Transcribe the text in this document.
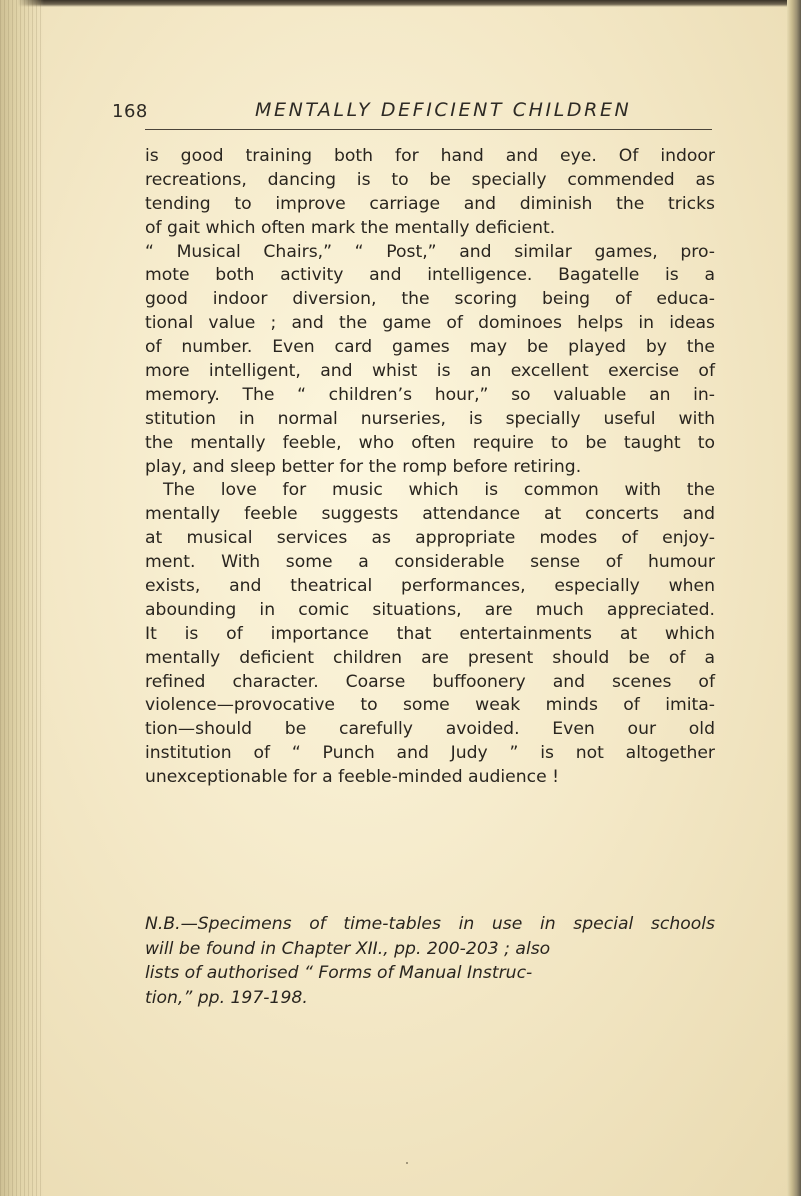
168	MENTALLY DEFICIENT CHILDREN
is good training both for hand and eye. Of indoor
recreations, dancing is to be specially commended as
tending to improve carriage and diminish the tricks
of gait which often mark the mentally deficient.
“ Musical Chairs,” “ Post,” and similar games, pro-
mote both activity and intelligence. Bagatelle is a
good indoor diversion, the scoring being of educa-
tional value ; and the game of dominoes helps in ideas
of number. Even card games may be played by the
more intelligent, and whist is an excellent exercise of
memory. The “ children’s hour,” so valuable an in-
stitution in normal nurseries, is specially useful with
the mentally feeble, who often require to be taught to
play, and sleep better for the romp before retiring.
The love for music which is common with the
mentally feeble suggests attendance at concerts and
at musical services as appropriate modes of enjoy-
ment. With some a considerable sense of humour
exists, and theatrical performances, especially when
abounding in comic situations, are much appreciated.
It is of importance that entertainments at which
mentally deficient children are present should be of a
refined character. Coarse buffoonery and scenes of
violence—provocative to some weak minds of imita-
tion—should be carefully avoided. Even our old
institution of “ Punch and Judy ” is not altogether
unexceptionable for a feeble-minded audience !
N.B.—Specimens of time-tables in use in special schools
will be found in Chapter XII., pp. 200-203 ; also
lists of authorised “ Forms of Manual Instruc-
tion,” pp. 197-198.
